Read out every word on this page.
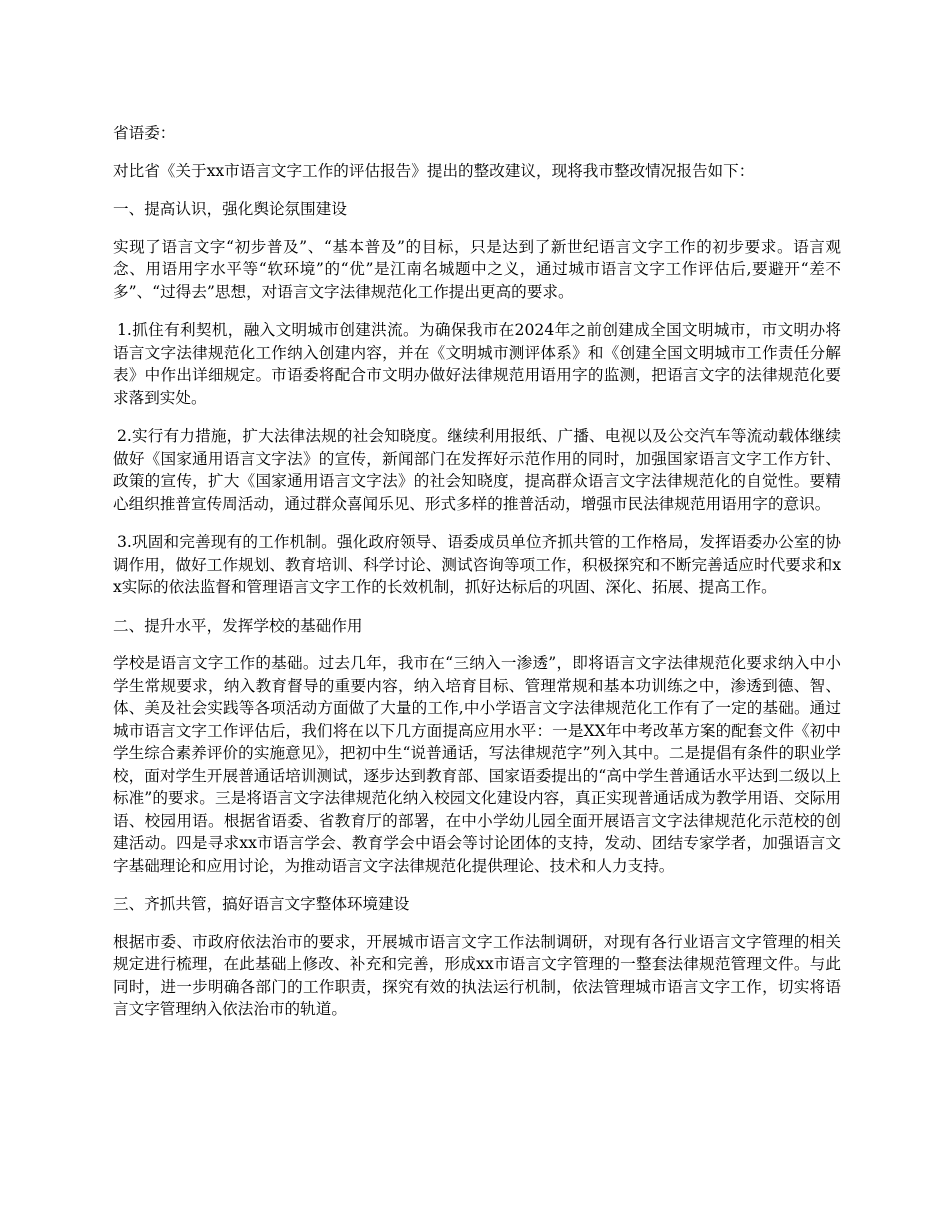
省语委：

对比省《关于xx市语言文字工作的评估报告》提出的整改建议，现将我市整改情况报告如下：

一、提高认识，强化舆论氛围建设

实现了语言文字“初步普及”、“基本普及”的目标，只是达到了新世纪语言文字工作的初步要求。语言观念、用语用字水平等“软环境”的“优”是江南名城题中之义，通过城市语言文字工作评估后,要避开“差不多”、“过得去”思想，对语言文字法律规范化工作提出更高的要求。

1.抓住有利契机，融入文明城市创建洪流。为确保我市在2024年之前创建成全国文明城市，市文明办将语言文字法律规范化工作纳入创建内容，并在《文明城市测评体系》和《创建全国文明城市工作责任分解表》中作出详细规定。市语委将配合市文明办做好法律规范用语用字的监测，把语言文字的法律规范化要求落到实处。

2.实行有力措施，扩大法律法规的社会知晓度。继续利用报纸、广播、电视以及公交汽车等流动载体继续做好《国家通用语言文字法》的宣传，新闻部门在发挥好示范作用的同时，加强国家语言文字工作方针、政策的宣传，扩大《国家通用语言文字法》的社会知晓度，提高群众语言文字法律规范化的自觉性。要精心组织推普宣传周活动，通过群众喜闻乐见、形式多样的推普活动，增强市民法律规范用语用字的意识。

3.巩固和完善现有的工作机制。强化政府领导、语委成员单位齐抓共管的工作格局，发挥语委办公室的协调作用，做好工作规划、教育培训、科学讨论、测试咨询等项工作，积极探究和不断完善适应时代要求和xx实际的依法监督和管理语言文字工作的长效机制，抓好达标后的巩固、深化、拓展、提高工作。

二、提升水平，发挥学校的基础作用

学校是语言文字工作的基础。过去几年，我市在“三纳入一渗透”，即将语言文字法律规范化要求纳入中小学生常规要求，纳入教育督导的重要内容，纳入培育目标、管理常规和基本功训练之中，渗透到德、智、体、美及社会实践等各项活动方面做了大量的工作,中小学语言文字法律规范化工作有了一定的基础。通过城市语言文字工作评估后，我们将在以下几方面提高应用水平：一是XX年中考改革方案的配套文件《初中学生综合素养评价的实施意见》，把初中生“说普通话，写法律规范字”列入其中。二是提倡有条件的职业学校，面对学生开展普通话培训测试，逐步达到教育部、国家语委提出的“高中学生普通话水平达到二级以上标准”的要求。三是将语言文字法律规范化纳入校园文化建设内容，真正实现普通话成为教学用语、交际用语、校园用语。根据省语委、省教育厅的部署，在中小学幼儿园全面开展语言文字法律规范化示范校的创建活动。四是寻求xx市语言学会、教育学会中语会等讨论团体的支持，发动、团结专家学者，加强语言文字基础理论和应用讨论，为推动语言文字法律规范化提供理论、技术和人力支持。

三、齐抓共管，搞好语言文字整体环境建设

根据市委、市政府依法治市的要求，开展城市语言文字工作法制调研，对现有各行业语言文字管理的相关规定进行梳理，在此基础上修改、补充和完善，形成xx市语言文字管理的一整套法律规范管理文件。与此同时，进一步明确各部门的工作职责，探究有效的执法运行机制，依法管理城市语言文字工作，切实将语言文字管理纳入依法治市的轨道。
